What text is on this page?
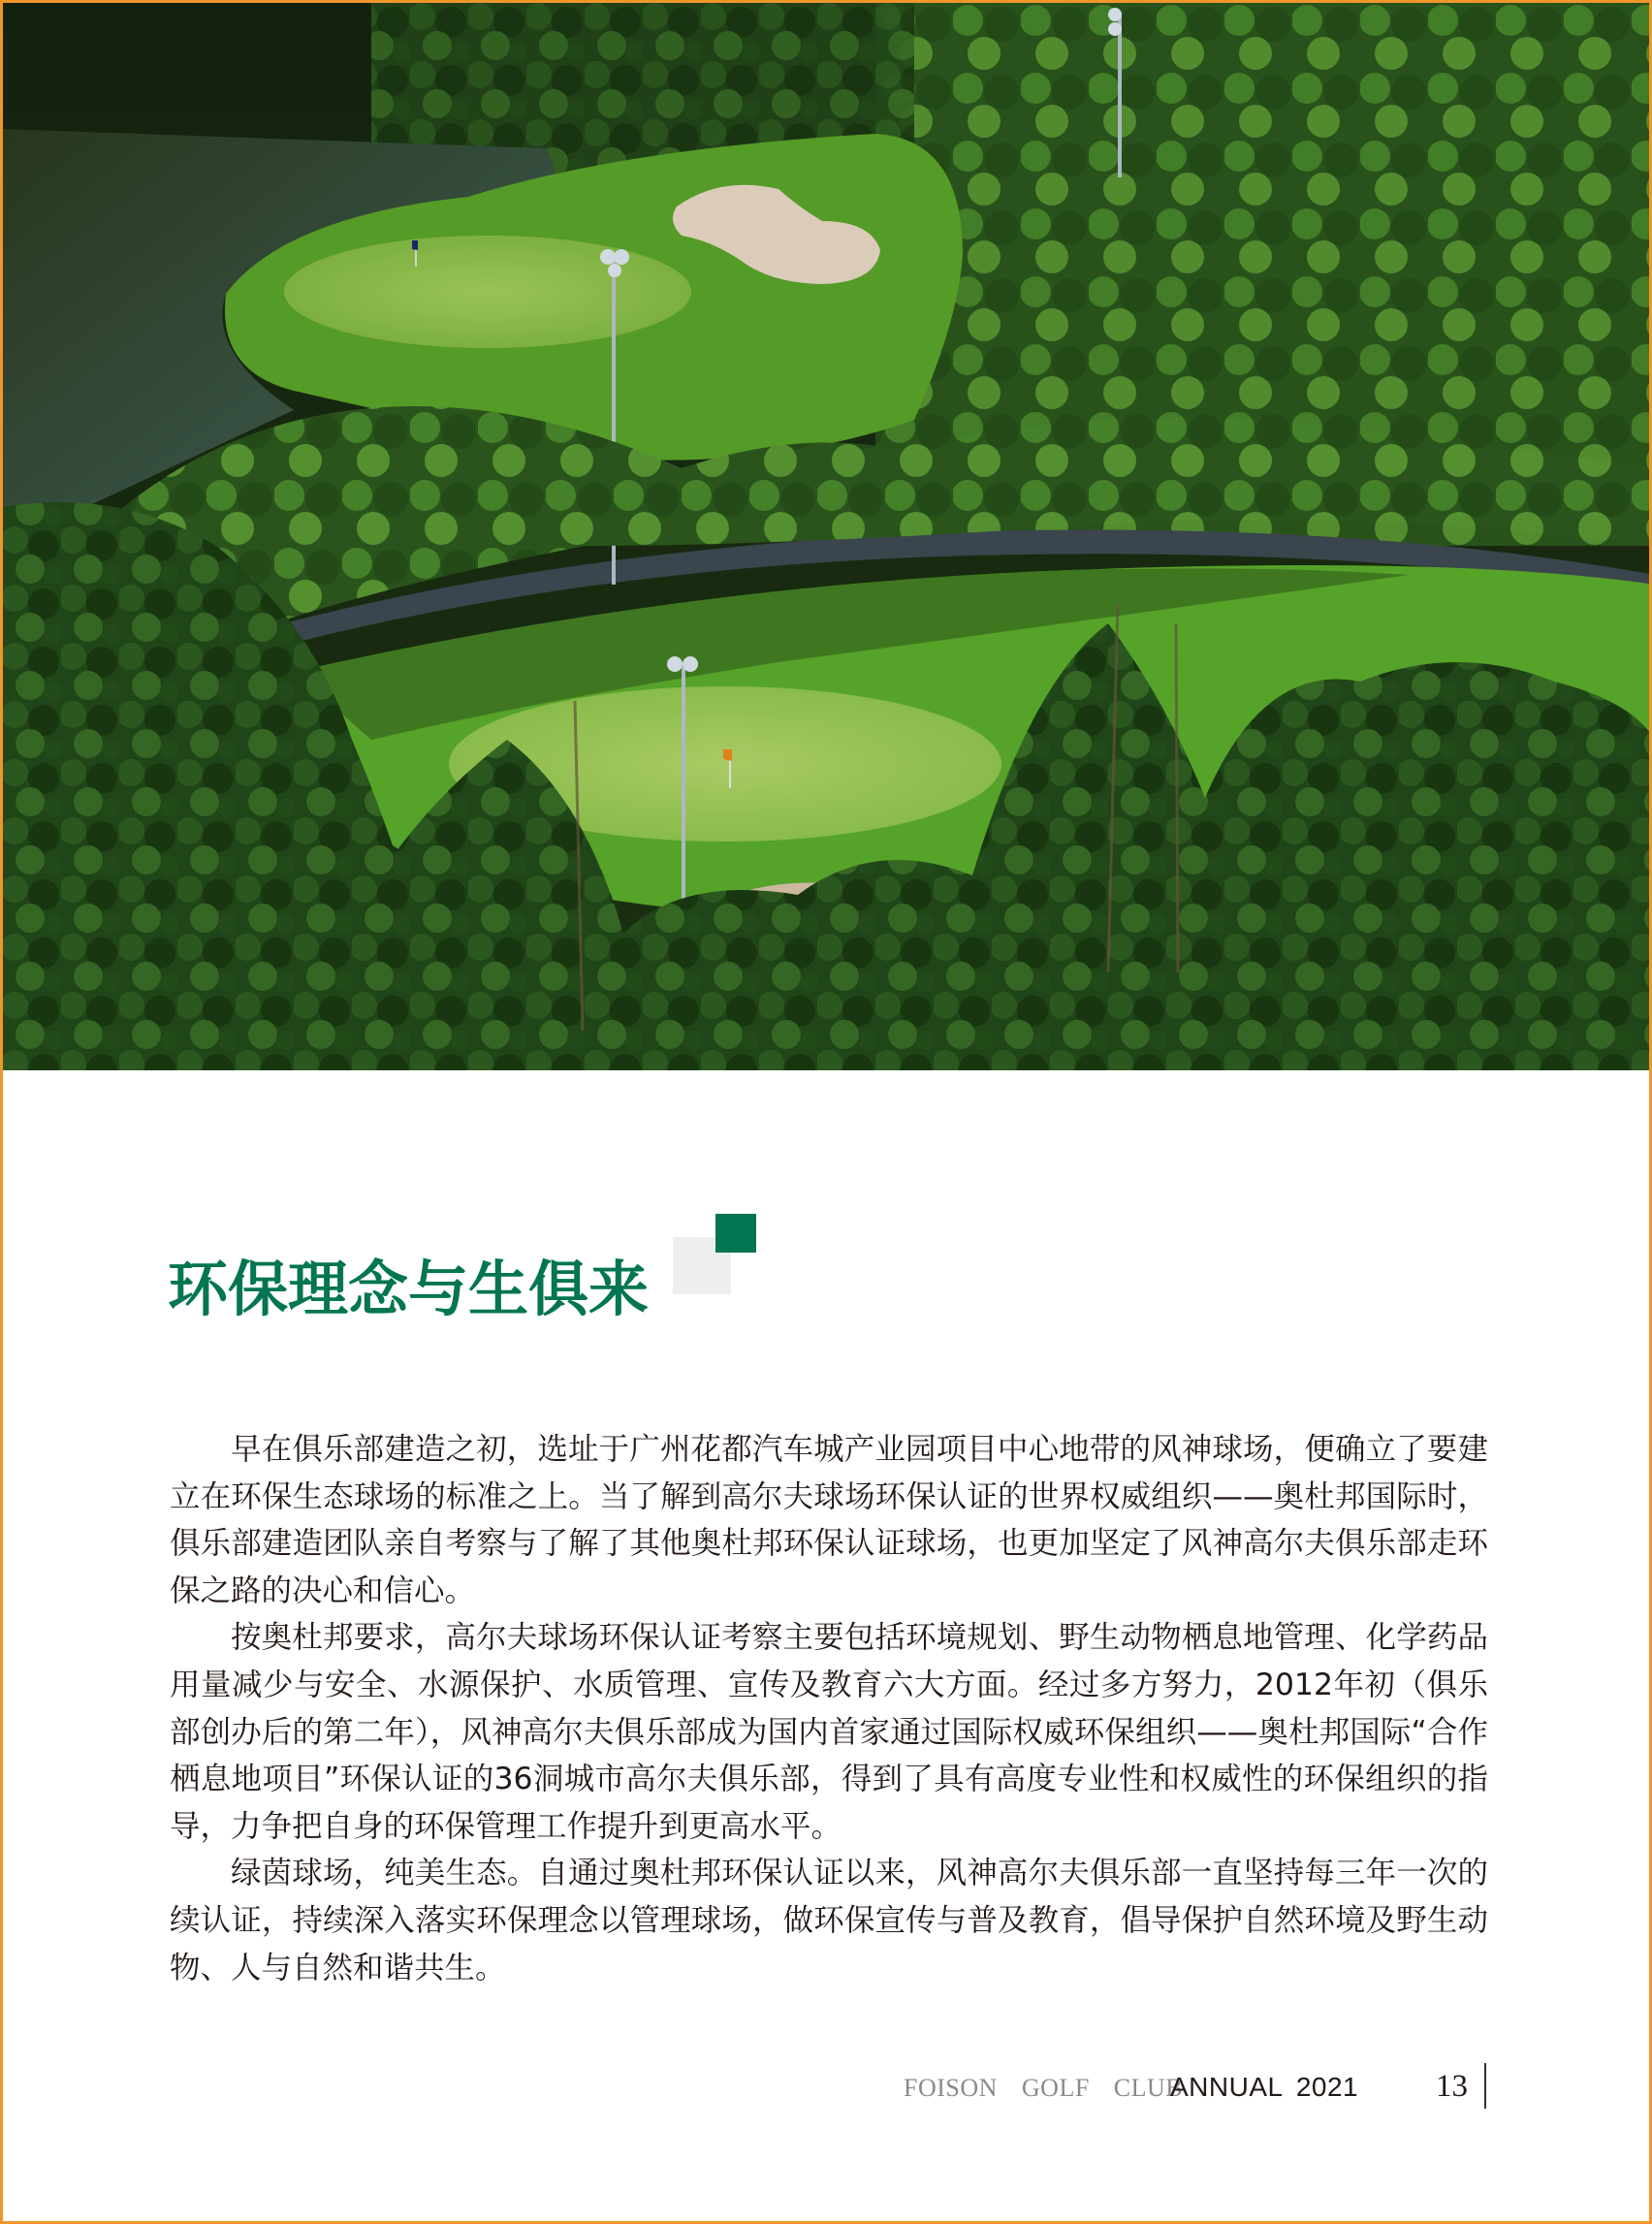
环保理念与生俱来

早在俱乐部建造之初，选址于广州花都汽车城产业园项目中心地带的风神球场，便确立了要建立在环保生态球场的标准之上。当了解到高尔夫球场环保认证的世界权威组织——奥杜邦国际时，俱乐部建造团队亲自考察与了解了其他奥杜邦环保认证球场，也更加坚定了风神高尔夫俱乐部走环保之路的决心和信心。

按奥杜邦要求，高尔夫球场环保认证考察主要包括环境规划、野生动物栖息地管理、化学药品用量减少与安全、水源保护、水质管理、宣传及教育六大方面。经过多方努力，2012年初（俱乐部创办后的第二年），风神高尔夫俱乐部成为国内首家通过国际权威环保组织——奥杜邦国际“合作栖息地项目”环保认证的36洞城市高尔夫俱乐部，得到了具有高度专业性和权威性的环保组织的指导，力争把自身的环保管理工作提升到更高水平。

绿茵球场，纯美生态。自通过奥杜邦环保认证以来，风神高尔夫俱乐部一直坚持每三年一次的续认证，持续深入落实环保理念以管理球场，做环保宣传与普及教育，倡导保护自然环境及野生动物、人与自然和谐共生。

FOISON GOLF CLUB
ANNUAL 2021 13
